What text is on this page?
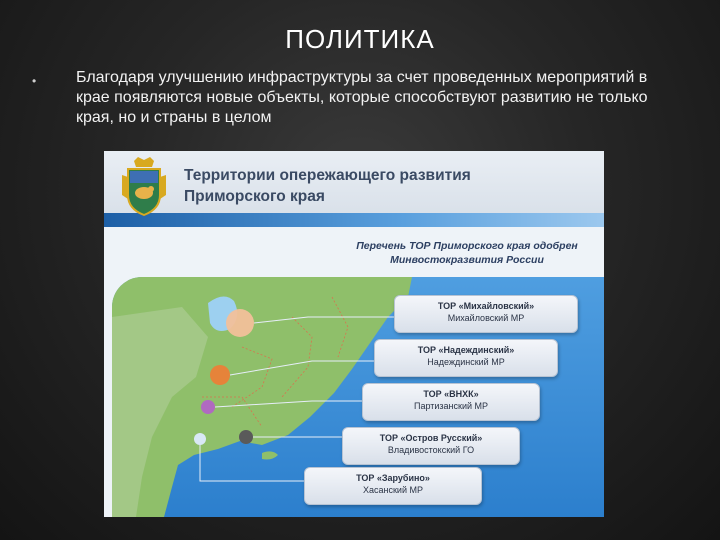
ПОЛИТИКА
• Благодаря улучшению инфраструктуры за счет проведенных мероприятий в крае появляются новые объекты, которые способствуют развитию не только края, но и страны в целом
Территории опережающего развития Приморского края
Перечень ТОР Приморского края одобрен Минвостокразвития России
ТОР «Михайловский»
Михайловский МР
ТОР «Надеждинский»
Надеждинский МР
ТОР «ВНХК»
Партизанский МР
ТОР «Остров Русский»
Владивостокский ГО
ТОР «Зарубино»
Хасанский МР
